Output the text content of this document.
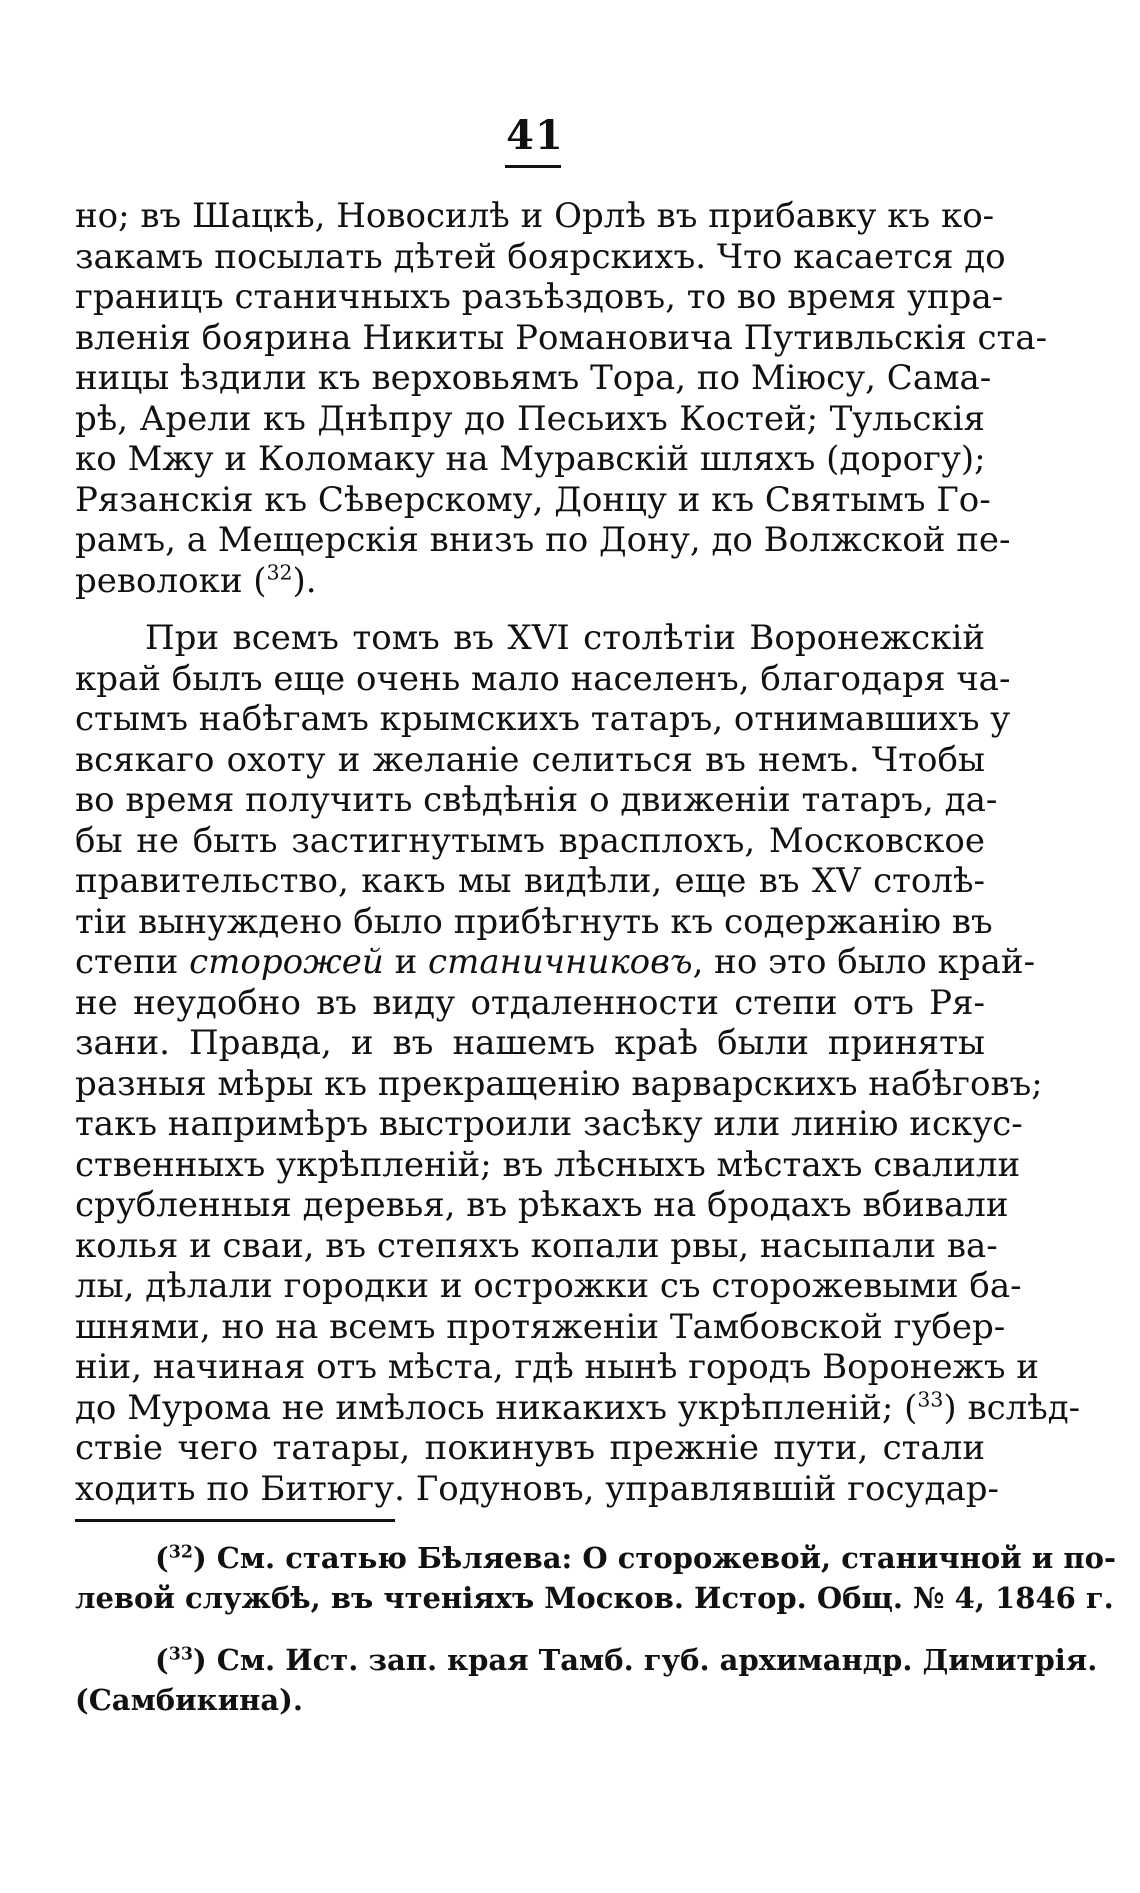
41
но; въ Шацкѣ, Новосилѣ и Орлѣ въ прибавку къ ко-
закамъ посылать дѣтей боярскихъ. Что касается до
границъ станичныхъ разъѣздовъ, то во время упра-
вленія боярина Никиты Романовича Путивльскія ста-
ницы ѣздили къ верховьямъ Тора, по Міюсу, Сама-
рѣ, Арели къ Днѣпру до Песьихъ Костей; Тульскія
ко Мжу и Коломаку на Муравскій шляхъ (дорогу);
Рязанскія къ Сѣверскому, Донцу и къ Святымъ Го-
рамъ, а Мещерскія внизъ по Дону, до Волжской пе-
револоки ($^{32}$).
При всемъ томъ въ XVI столѣтіи Воронежскій
край былъ еще очень мало населенъ, благодаря ча-
стымъ набѣгамъ крымскихъ татаръ, отнимавшихъ у
всякаго охоту и желаніе селиться въ немъ. Чтобы
во время получить свѣдѣнія о движеніи татаръ, да-
бы не быть застигнутымъ врасплохъ, Московское
правительство, какъ мы видѣли, еще въ XV столѣ-
тіи вынуждено было прибѣгнуть къ содержанію въ
степи сторожей и станичниковъ, но это было край-
не неудобно въ виду отдаленности степи отъ Ря-
зани. Правда, и въ нашемъ краѣ были приняты
разныя мѣры къ прекращенію варварскихъ набѣговъ;
такъ напримѣръ выстроили засѣку или линію искус-
ственныхъ укрѣпленій; въ лѣсныхъ мѣстахъ свалили
срубленныя деревья, въ рѣкахъ на бродахъ вбивали
колья и сваи, въ степяхъ копали рвы, насыпали ва-
лы, дѣлали городки и острожки съ сторожевыми ба-
шнями, но на всемъ протяженіи Тамбовской губер-
ніи, начиная отъ мѣста, гдѣ нынѣ городъ Воронежъ и
до Мурома не имѣлось никакихъ укрѣпленій; ($^{33}$) вслѣд-
ствіе чего татары, покинувъ прежніе пути, стали
ходить по Битюгу. Годуновъ, управлявшій государ-
($^{32}$) См. статью Бѣляева: О сторожевой, станичной и по-
левой службѣ, въ чтеніяхъ Москов. Истор. Общ. № 4, 1846 г.
($^{33}$) См. Ист. зап. края Тамб. губ. архимандр. Димитрія.
(Самбикина).
